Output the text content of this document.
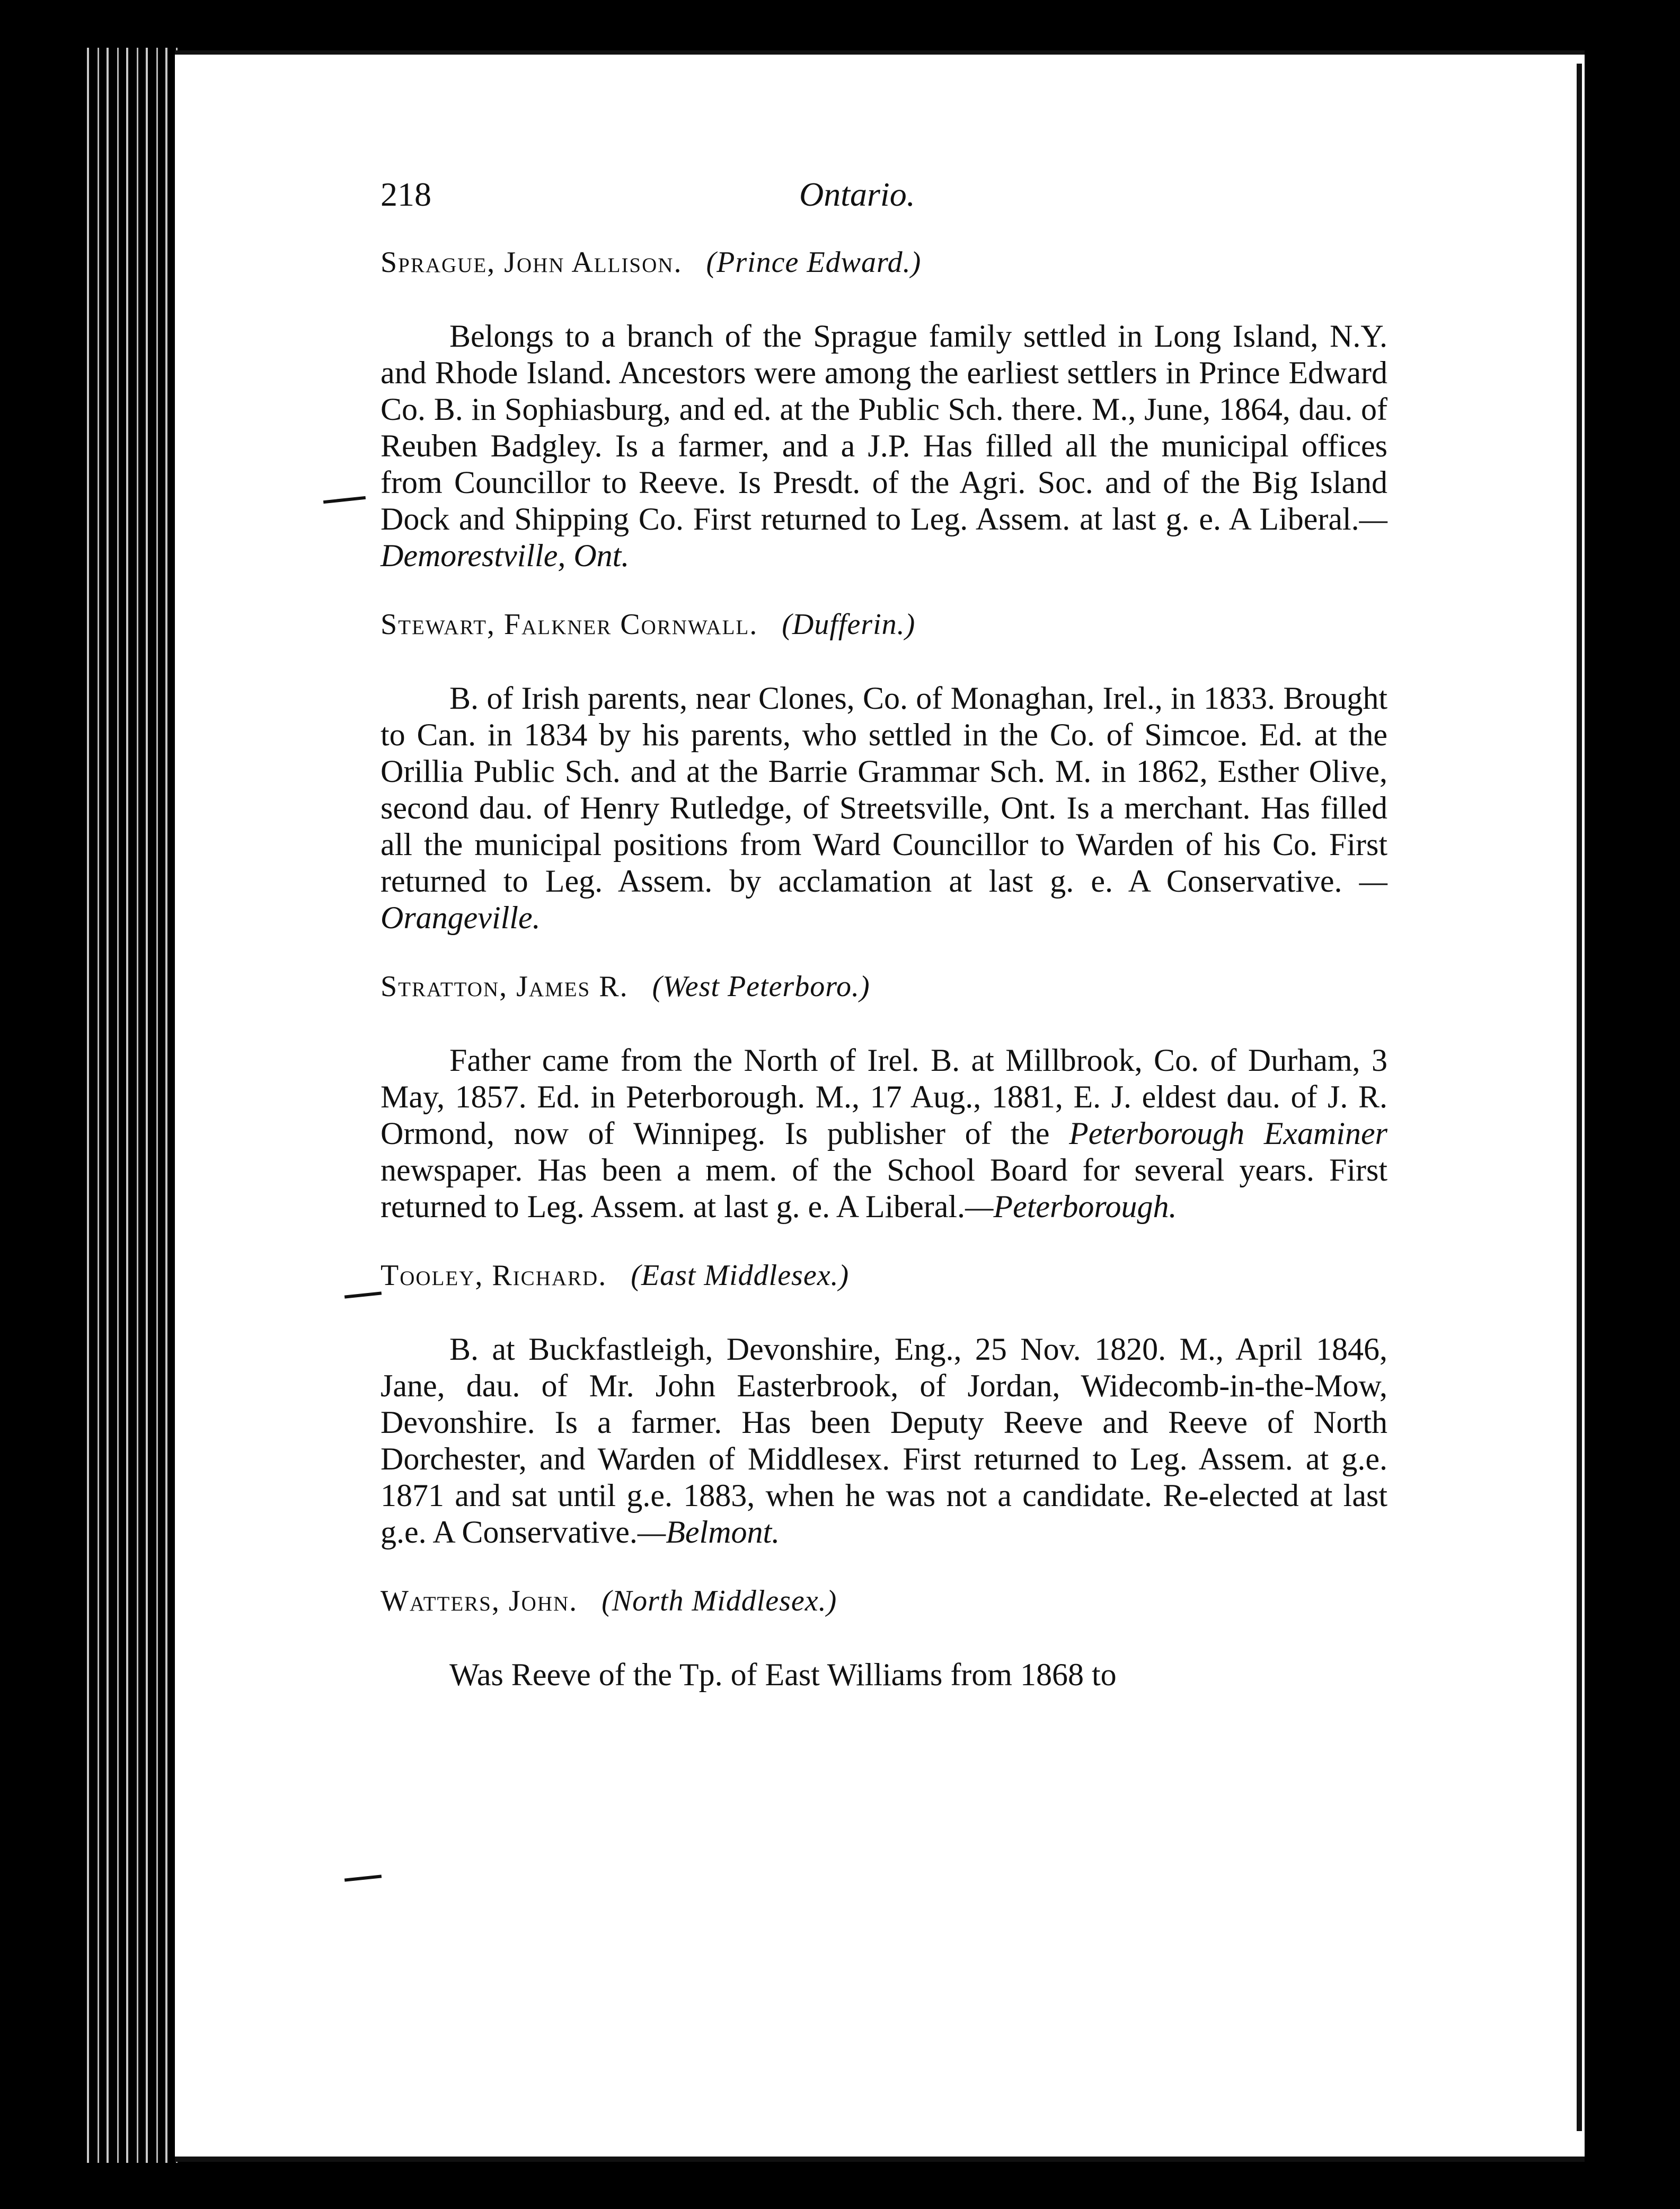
218	Ontario.
Sprague, John Allison. (Prince Edward.)

Belongs to a branch of the Sprague family settled in Long Island, N.Y. and Rhode Island. Ancestors were among the earliest settlers in Prince Edward Co. B. in Sophiasburg, and ed. at the Public Sch. there. M., June, 1864, dau. of Reuben Badgley. Is a farmer, and a J.P. Has filled all the municipal offices from Councillor to Reeve. Is Presdt. of the Agri. Soc. and of the Big Island Dock and Shipping Co. First returned to Leg. Assem. at last g. e. A Liberal.—Demorestville, Ont.

Stewart, Falkner Cornwall. (Dufferin.)

B. of Irish parents, near Clones, Co. of Monaghan, Irel., in 1833. Brought to Can. in 1834 by his parents, who settled in the Co. of Simcoe. Ed. at the Orillia Public Sch. and at the Barrie Grammar Sch. M. in 1862, Esther Olive, second dau. of Henry Rutledge, of Streetsville, Ont. Is a merchant. Has filled all the municipal positions from Ward Councillor to Warden of his Co. First returned to Leg. Assem. by acclamation at last g. e. A Conservative. —Orangeville.

Stratton, James R. (West Peterboro.)

Father came from the North of Irel. B. at Millbrook, Co. of Durham, 3 May, 1857. Ed. in Peterborough. M., 17 Aug., 1881, E. J. eldest dau. of J. R. Ormond, now of Winnipeg. Is publisher of the Peterborough Examiner newspaper. Has been a mem. of the School Board for several years. First returned to Leg. Assem. at last g. e. A Liberal.—Peterborough.

Tooley, Richard. (East Middlesex.)

B. at Buckfastleigh, Devonshire, Eng., 25 Nov. 1820. M., April 1846, Jane, dau. of Mr. John Easterbrook, of Jordan, Widecomb-in-the-Mow, Devonshire. Is a farmer. Has been Deputy Reeve and Reeve of North Dorchester, and Warden of Middlesex. First returned to Leg. Assem. at g.e. 1871 and sat until g.e. 1883, when he was not a candidate. Re-elected at last g.e. A Conservative.—Belmont.

Watters, John. (North Middlesex.)

Was Reeve of the Tp. of East Williams from 1868 to
